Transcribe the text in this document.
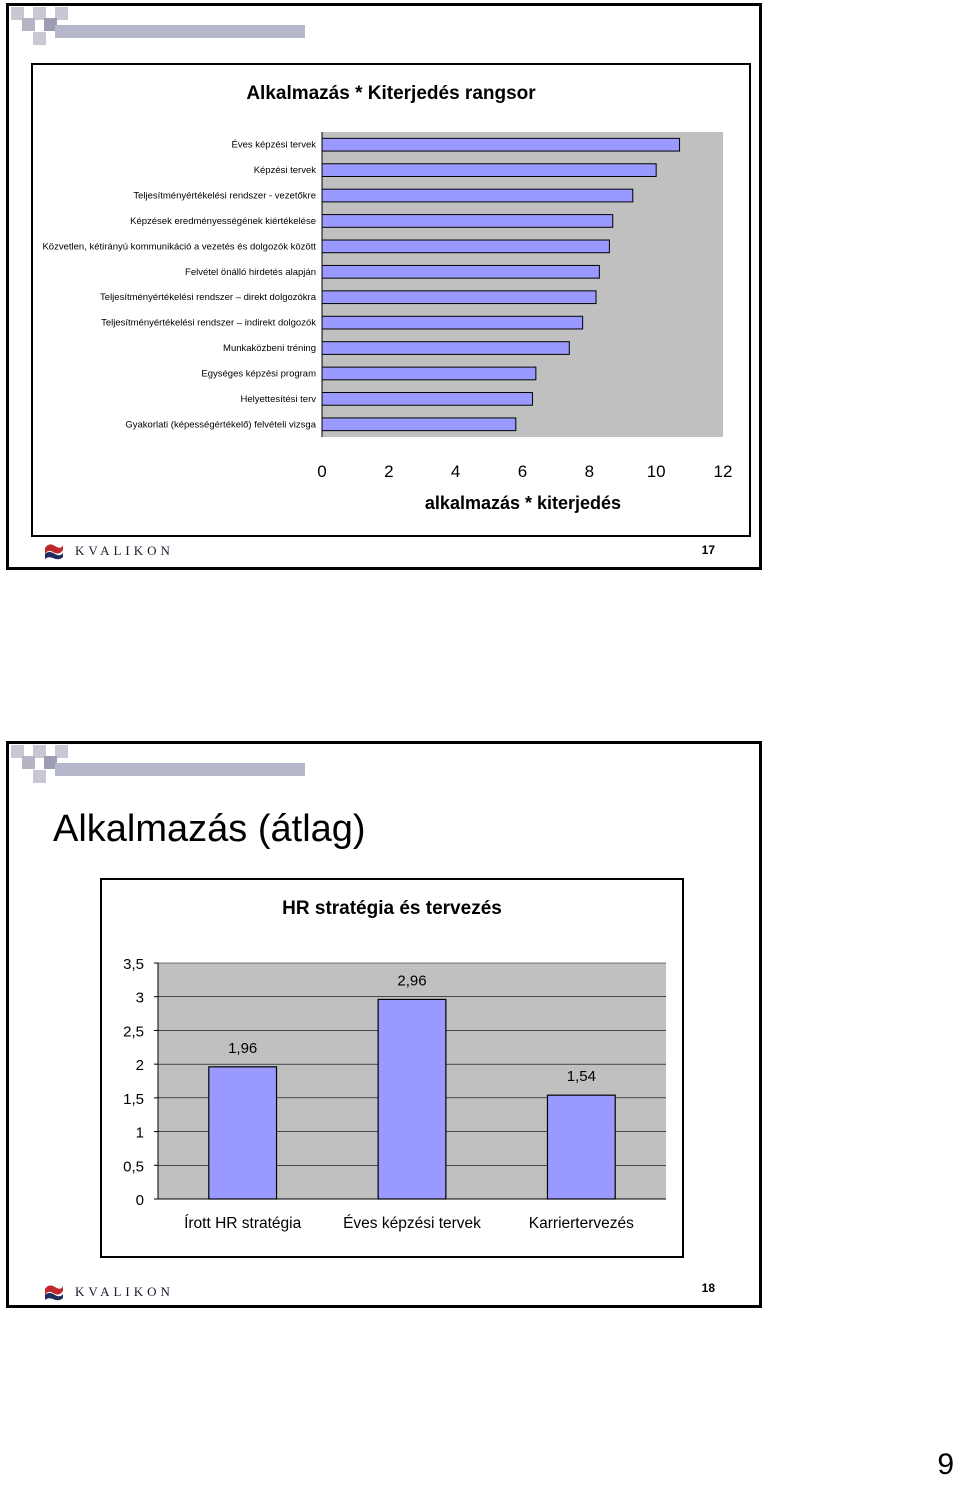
Alkalmazás * Kiterjedés rangsor
Éves képzési tervek
Képzési tervek
Teljesítményértékelési rendszer - vezetőkre
Képzések eredményességének kiértékelése
Közvetlen, kétirányú kommunikáció a vezetés és dolgozók között
Felvétel önálló hirdetés alapján
Teljesítményértékelési rendszer – direkt dolgozókra
Teljesítményértékelési rendszer – indirekt dolgozók
Munkaközbeni tréning
Egységes képzési program
Helyettesítési terv
Gyakorlati (képességértékelő) felvételi vizsga
0	2	4	6	8	10	12
alkalmazás * kiterjedés
KVALIKON	17
Alkalmazás (átlag)
HR stratégia és tervezés
0
0,5
1
1,5
2
2,5
3
3,5
1,96
Írott HR stratégia
2,96
Éves képzési tervek
1,54
Karriertervezés
KVALIKON	18
9
